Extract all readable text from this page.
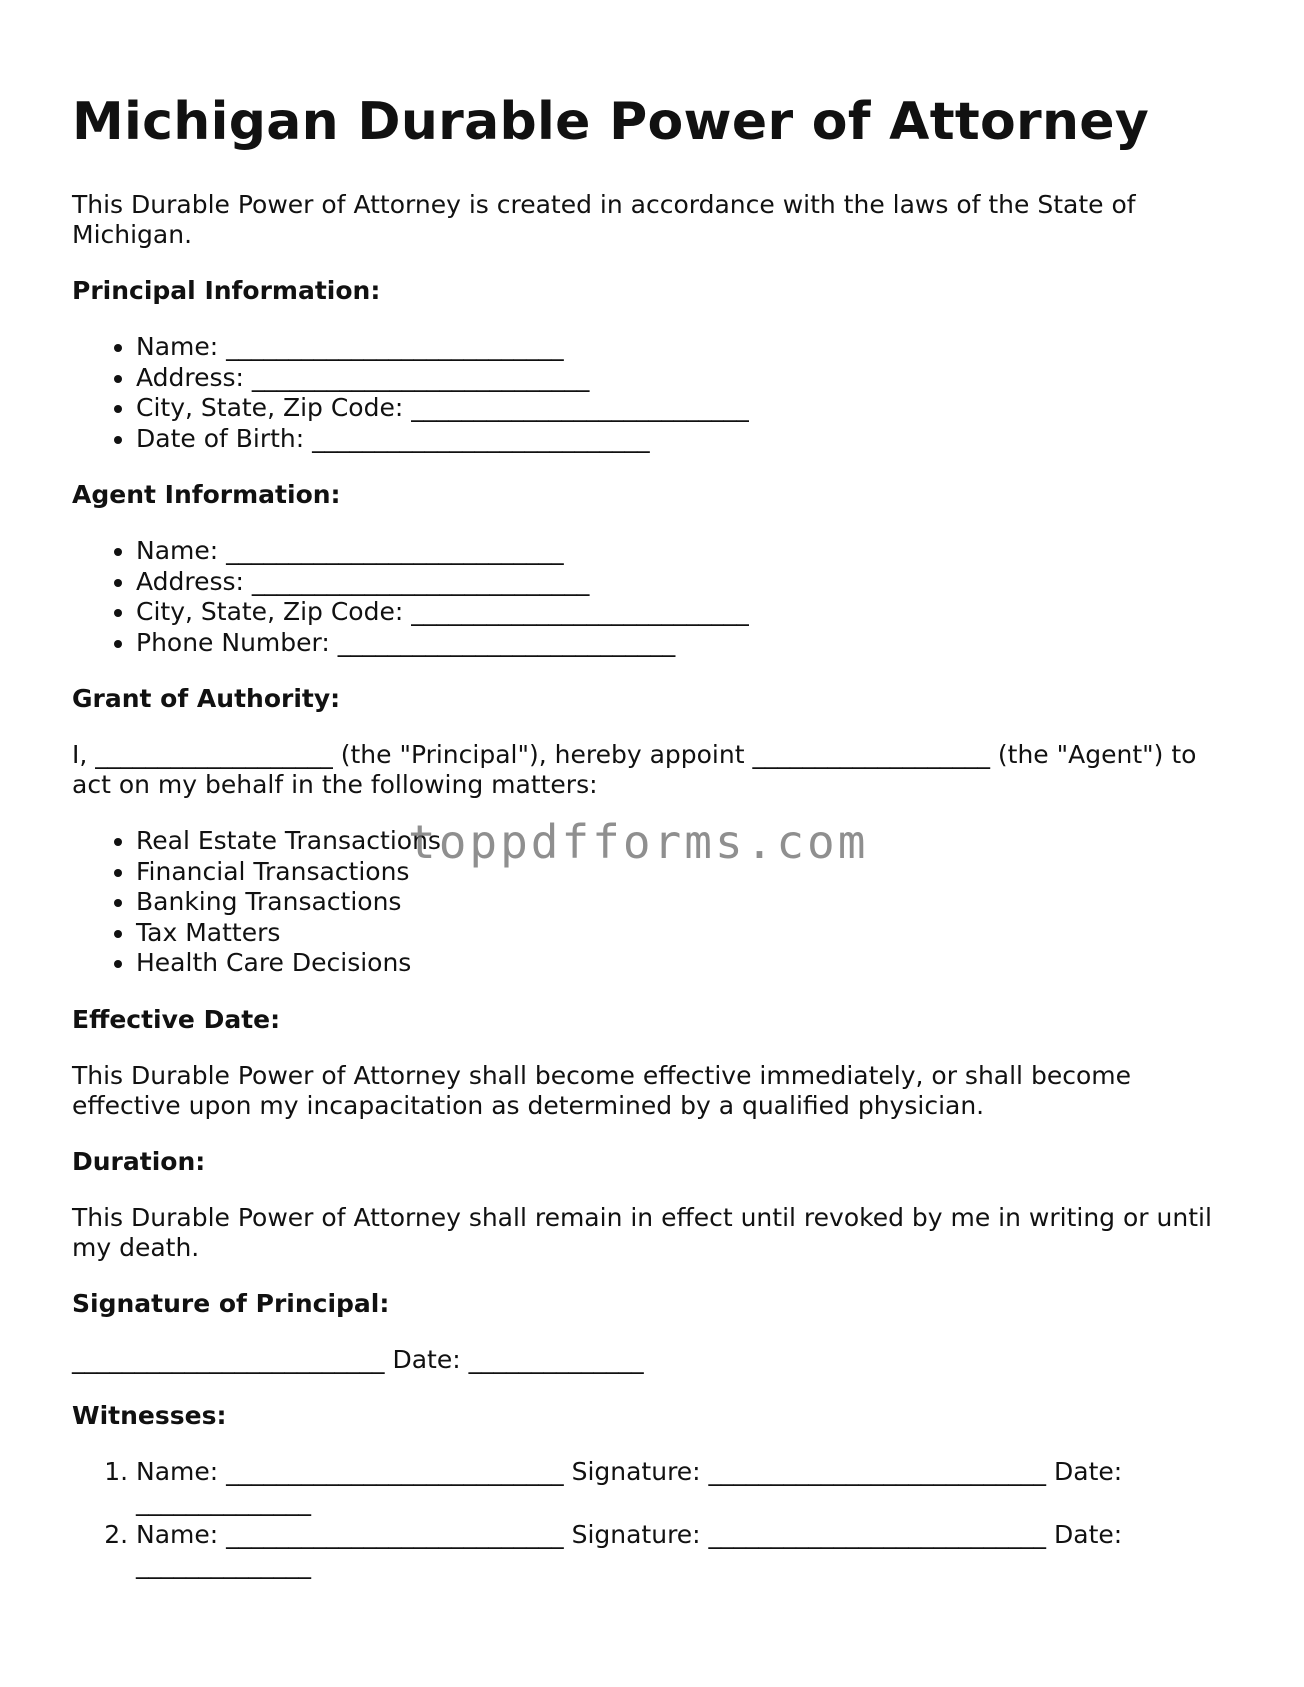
Michigan Durable Power of Attorney

This Durable Power of Attorney is created in accordance with the laws of the State of Michigan.

Principal Information:
• Name: ___________________________
• Address: ___________________________
• City, State, Zip Code: ___________________________
• Date of Birth: ___________________________
Agent Information:
• Name: ___________________________
• Address: ___________________________
• City, State, Zip Code: ___________________________
• Phone Number: ___________________________
Grant of Authority:

I, ___________________ (the "Principal"), hereby appoint ___________________ (the "Agent") to act on my behalf in the following matters:

• Real Estate Transactions
• Financial Transactions
• Banking Transactions
• Tax Matters
• Health Care Decisions
Effective Date:

This Durable Power of Attorney shall become effective immediately, or shall become effective upon my incapacitation as determined by a qualified physician.

Duration:

This Durable Power of Attorney shall remain in effect until revoked by me in writing or until my death.

Signature of Principal:

_________________________ Date: ______________

Witnesses:
1. Name: ___________________________ Signature: ___________________________ Date: ______________
2. Name: ___________________________ Signature: ___________________________ Date: ______________
toppdfforms.com
